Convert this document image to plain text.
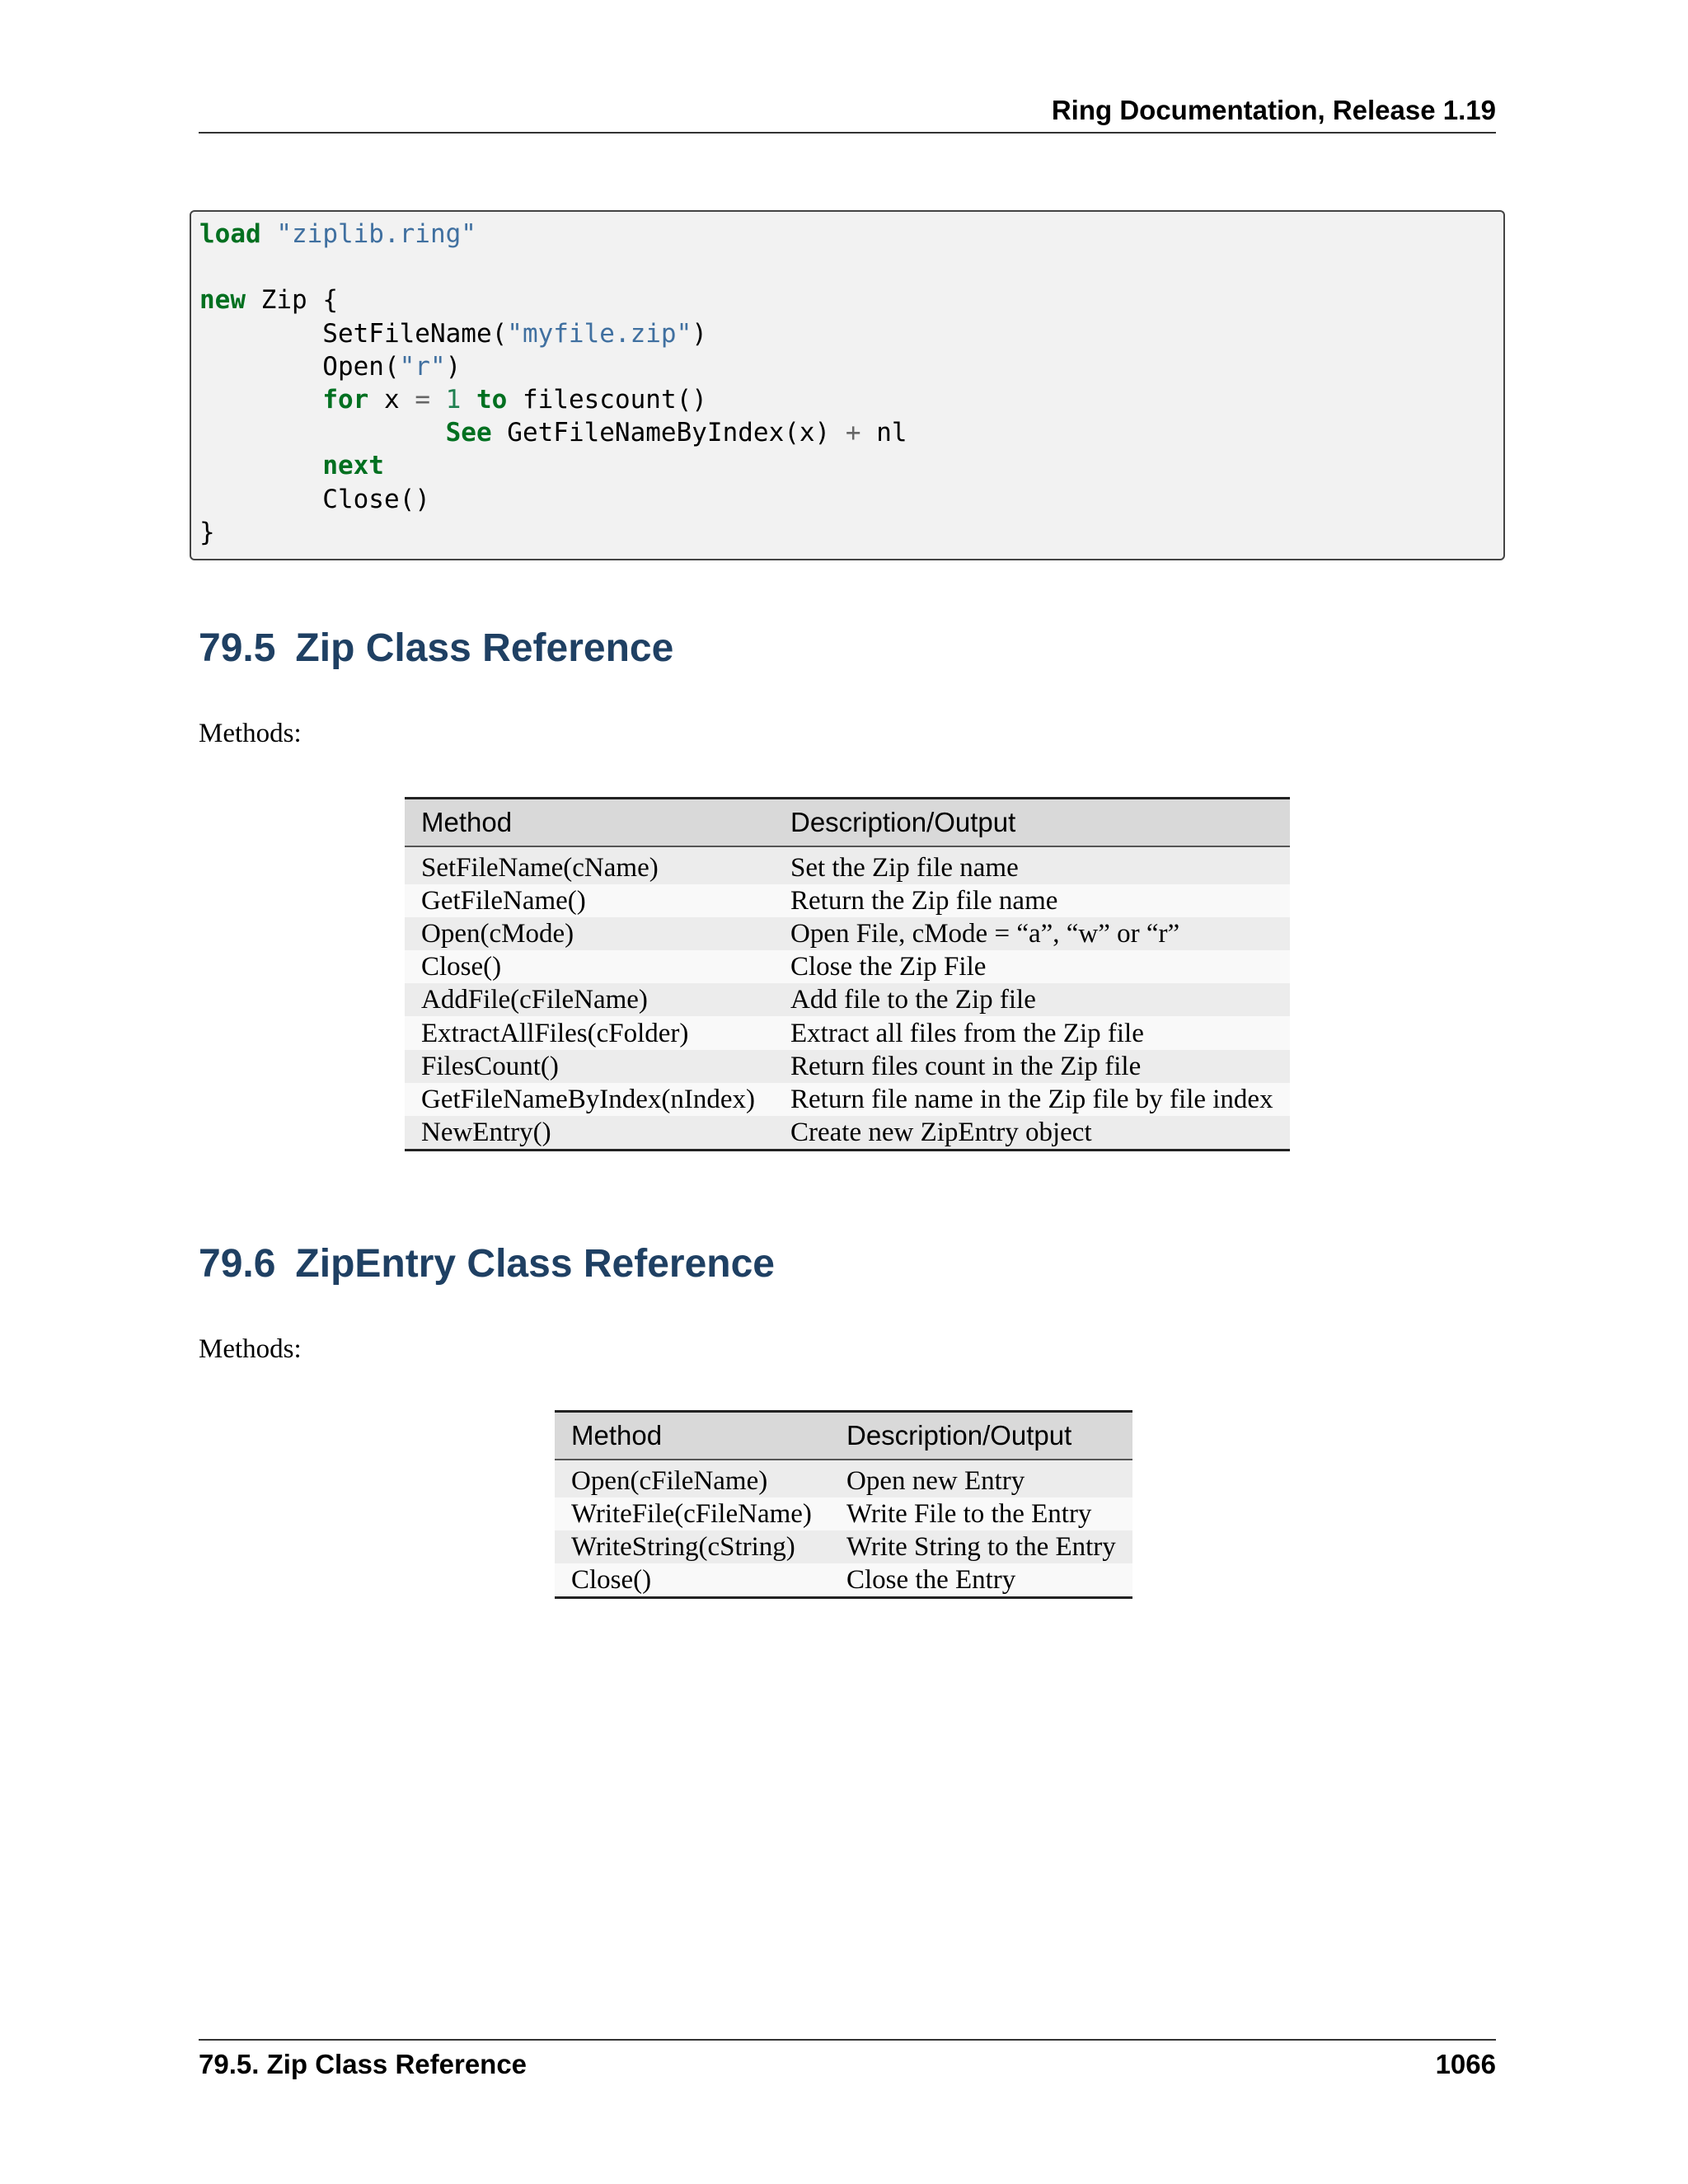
Ring Documentation, Release 1.19
load "ziplib.ring"
new Zip {
SetFileName("myfile.zip")
Open("r")
for x = 1 to filescount()
See GetFileNameByIndex(x) + nl
next
Close()
}
79.5 Zip Class Reference
Methods:
Method	Description/Output

SetFileName(cName)	Set the Zip file name
GetFileName()	Return the Zip file name
Open(cMode)	Open File, cMode = “a”, “w” or “r”
Close()	Close the Zip File
AddFile(cFileName)	Add file to the Zip file
ExtractAllFiles(cFolder)	Extract all files from the Zip file
FilesCount()	Return files count in the Zip file
GetFileNameByIndex(nIndex)	Return file name in the Zip file by file index
NewEntry()	Create new ZipEntry object
79.6 ZipEntry Class Reference
Methods:
Method	Description/Output

Open(cFileName)	Open new Entry
WriteFile(cFileName)	Write File to the Entry
WriteString(cString)	Write String to the Entry
Close()	Close the Entry
79.5. Zip Class Reference	1066
